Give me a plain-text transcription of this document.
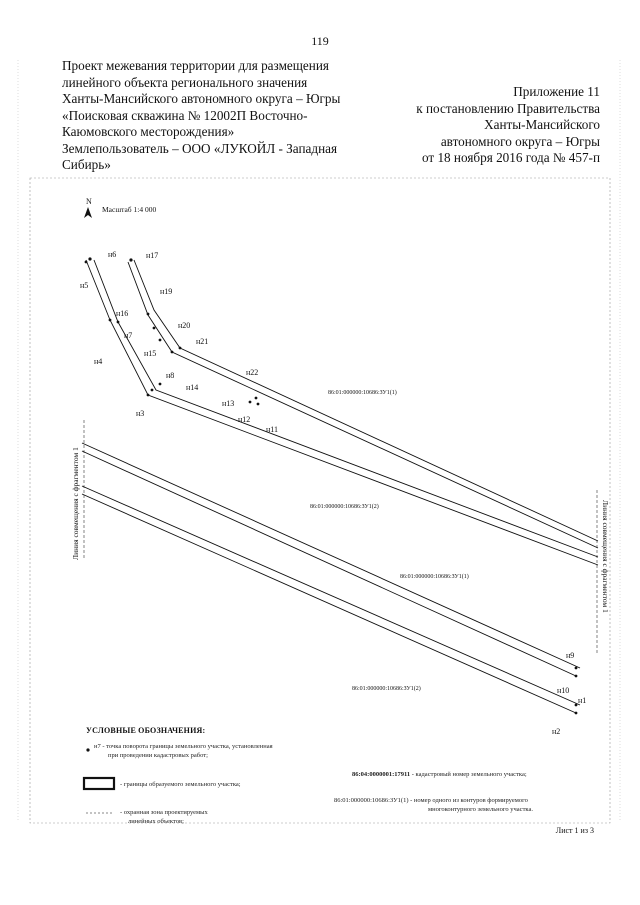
119
Проект межевания территории для размещения
линейного объекта регионального значения
Ханты-Мансийского автономного округа – Югры
«Поисковая скважина № 12002П Восточно-
Каюмовского месторождения»
Землепользователь – ООО «ЛУКОЙЛ - Западная
Сибирь»
Приложение 11
к постановлению Правительства
Ханты-Мансийского
автономного округа – Югры
от 18 ноября 2016 года № 457-п
N
Масштаб 1:4 000
Линия совмещения с фрагментом 1	Линия совмещения с фрагментом 1
н6
н5
н17
н19
н16
н20
н7
н21
н15
н4
н8	н22
н14
н3
н13
н12
н11
н9
н10
н1
н2
86:01:000000:10686:ЗУ1(1)
86:01:000000:10686:ЗУ1(2)
86:01:000000:10686:ЗУ1(1)
86:01:000000:10686:ЗУ1(2)
УСЛОВНЫЕ ОБОЗНАЧЕНИЯ:
н7 - точка поворота границы земельного участка, установленная
при проведении кадастровых работ;
- границы образуемого земельного участка;
- охранная зона проектируемых
линейных объектов;
86:04:0000001:17911 - кадастровый номер земельного участка;
86:01:000000:10686:ЗУ1(1) - номер одного из контуров формируемого
многоконтурного земельного участка.
Лист 1 из 3
